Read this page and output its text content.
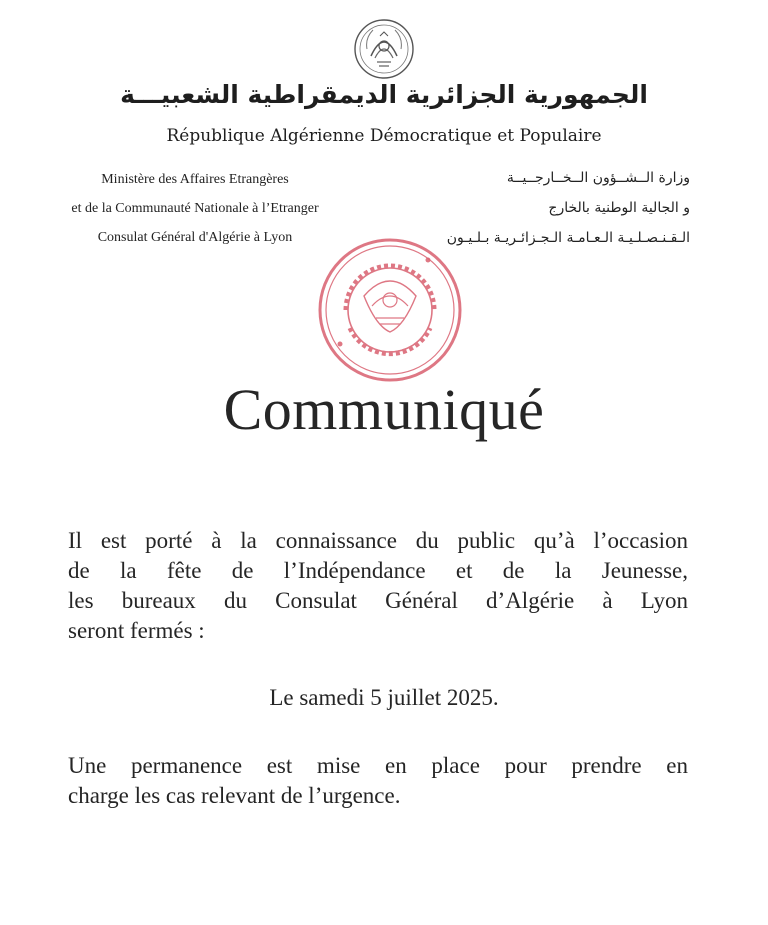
الجمهورية الجزائرية الديمقراطية الشعبيـــة
République Algérienne Démocratique et Populaire
Ministère des Affaires Etrangères
et de la Communauté Nationale à l’Etranger
Consulat Général d'Algérie à Lyon
وزارة الــشــؤون الــخــارجــيــة
و الجالية الوطنية بالخارج
الـقـنـصـلـيـة الـعـامـة الـجـزائـريـة بـلـيـون
Communiqué
Il est porté à la connaissance du public qu’à l’occasion
de la fête de l’Indépendance et de la Jeunesse,
les bureaux du Consulat Général d’Algérie à Lyon
seront fermés :
Le samedi 5 juillet 2025.
Une permanence est mise en place pour prendre en
charge les cas relevant de l’urgence.
